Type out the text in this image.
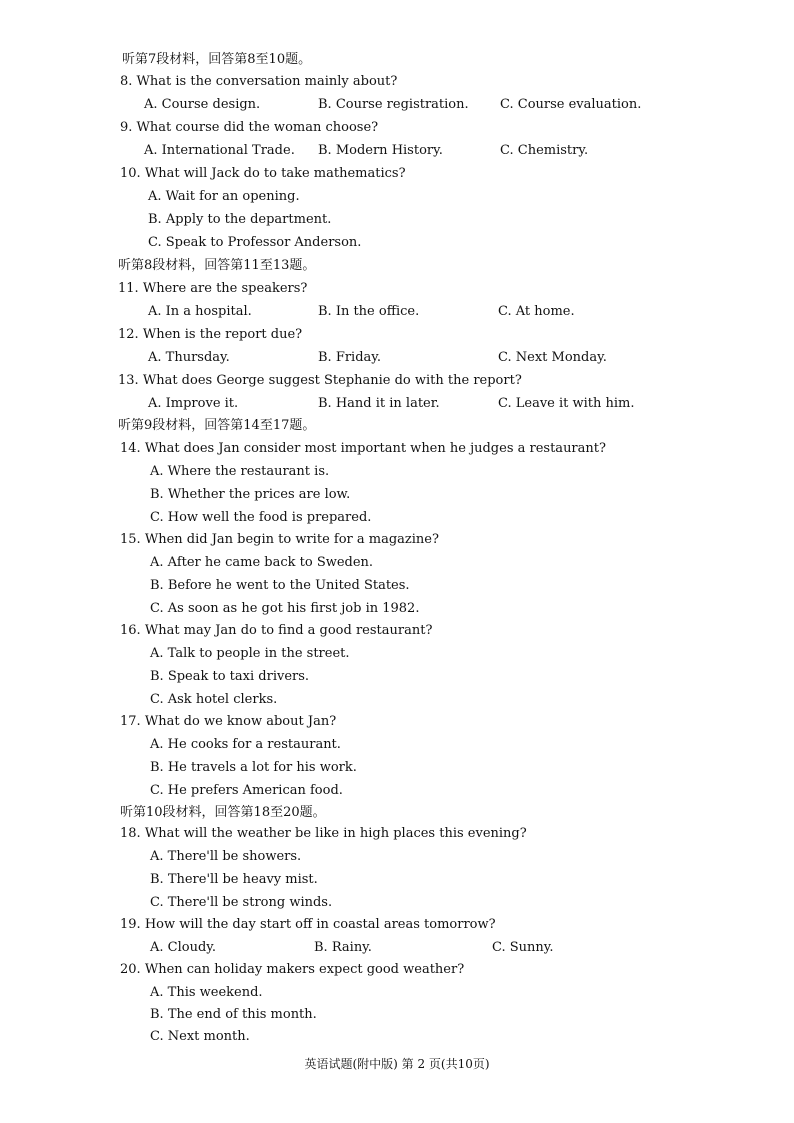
听第7段材料，回答第8至10题。
8. What is the conversation mainly about?
A. Course design.	B. Course registration. C. Course evaluation.
9. What course did the woman choose?
A. International Trade. B. Modern History.	C. Chemistry.
10. What will Jack do to take mathematics?
A. Wait for an opening.
B. Apply to the department.
C. Speak to Professor Anderson.
听第8段材料，回答第11至13题。
11. Where are the speakers?
A. In a hospital.	B. In the office.	C. At home.
12. When is the report due?
A. Thursday.	B. Friday.	C. Next Monday.
13. What does George suggest Stephanie do with the report?
A. Improve it.	B. Hand it in later.	C. Leave it with him.
听第9段材料，回答第14至17题。
14. What does Jan consider most important when he judges a restaurant?
A. Where the restaurant is.
B. Whether the prices are low.
C. How well the food is prepared.
15. When did Jan begin to write for a magazine?
A. After he came back to Sweden.
B. Before he went to the United States.
C. As soon as he got his first job in 1982.
16. What may Jan do to find a good restaurant?
A. Talk to people in the street.
B. Speak to taxi drivers.
C. Ask hotel clerks.
17. What do we know about Jan?
A. He cooks for a restaurant.
B. He travels a lot for his work.
C. He prefers American food.
听第10段材料，回答第18至20题。
18. What will the weather be like in high places this evening?
A. There'll be showers.
B. There'll be heavy mist.
C. There'll be strong winds.
19. How will the day start off in coastal areas tomorrow?
A. Cloudy.	B. Rainy.	C. Sunny.
20. When can holiday makers expect good weather?
A. This weekend.
B. The end of this month.
C. Next month.
英语试题(附中版) 第 2 页(共10页)
